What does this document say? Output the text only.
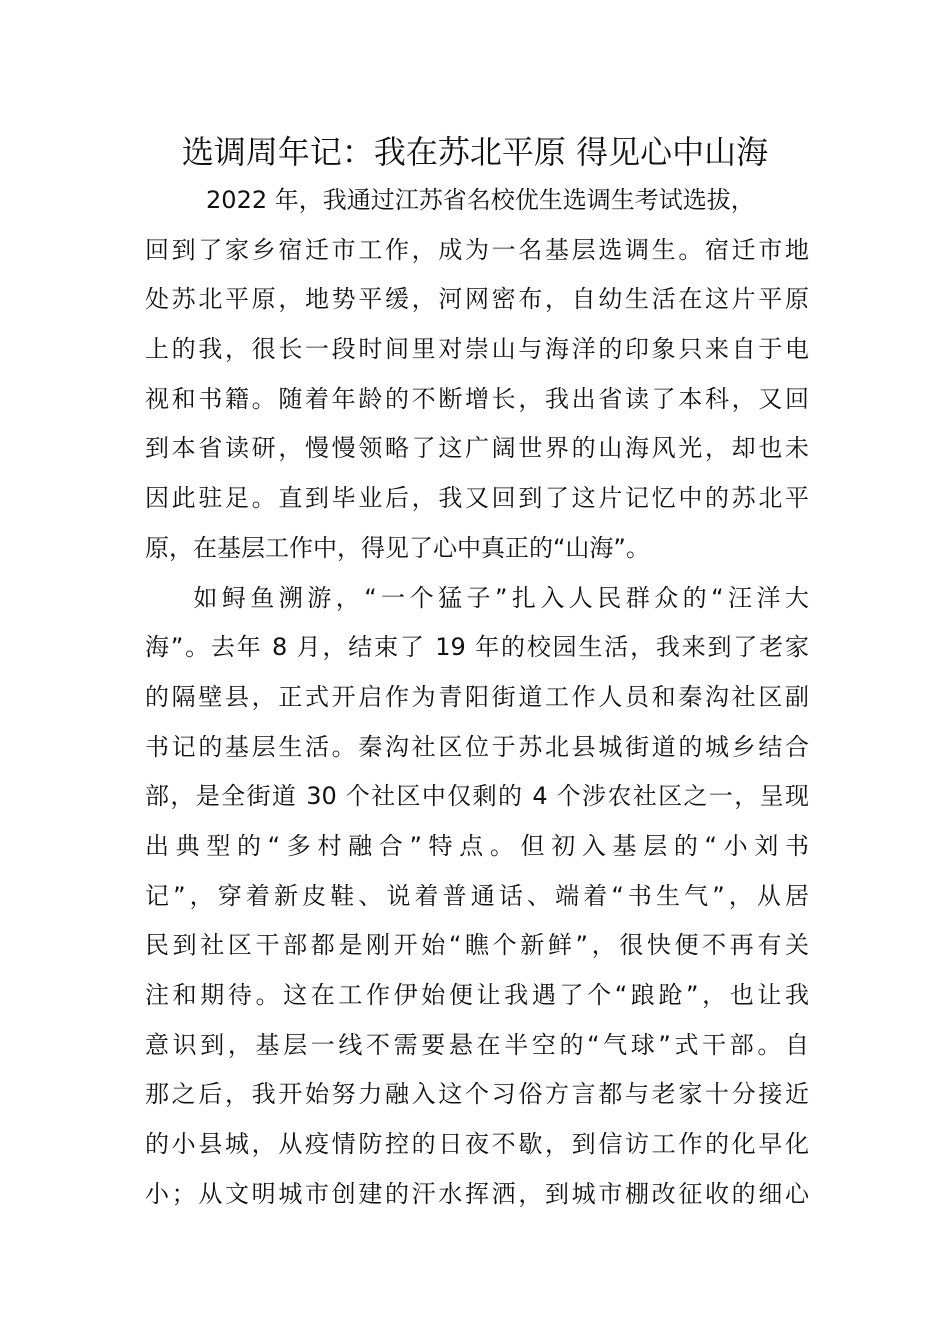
选调周年记：我在苏北平原 得见心中山海
2022 年，我通过江苏省名校优生选调生考试选拔，
回到了家乡宿迁市工作，成为一名基层选调生。宿迁市地
处苏北平原，地势平缓，河网密布，自幼生活在这片平原
上的我，很长一段时间里对崇山与海洋的印象只来自于电
视和书籍。随着年龄的不断增长，我出省读了本科，又回
到本省读研，慢慢领略了这广阔世界的山海风光，却也未
因此驻足。直到毕业后，我又回到了这片记忆中的苏北平
原，在基层工作中，得见了心中真正的“山海”。
如鲟鱼溯游，“一个猛子”扎入人民群众的“汪洋大
海”。去年 8 月，结束了 19 年的校园生活，我来到了老家
的隔壁县，正式开启作为青阳街道工作人员和秦沟社区副
书记的基层生活。秦沟社区位于苏北县城街道的城乡结合
部，是全街道 30 个社区中仅剩的 4 个涉农社区之一，呈现
出典型的“多村融合”特点。但初入基层的“小刘书
记”，穿着新皮鞋、说着普通话、端着“书生气”，从居
民到社区干部都是刚开始“瞧个新鲜”，很快便不再有关
注和期待。这在工作伊始便让我遇了个“踉跄”，也让我
意识到，基层一线不需要悬在半空的“气球”式干部。自
那之后，我开始努力融入这个习俗方言都与老家十分接近
的小县城，从疫情防控的日夜不歇，到信访工作的化早化
小；从文明城市创建的汗水挥洒，到城市棚改征收的细心
